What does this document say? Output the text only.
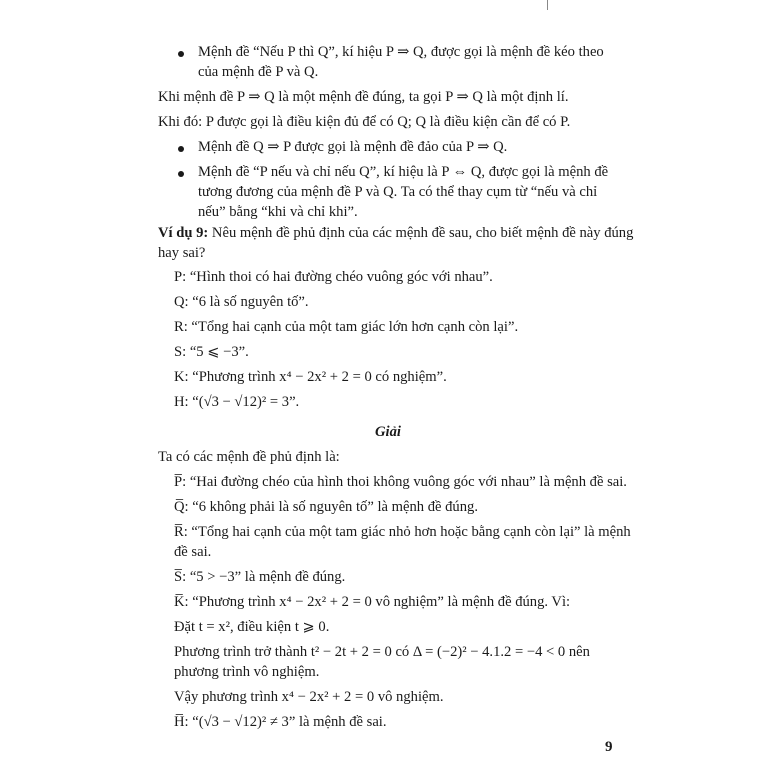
Mệnh đề “Nếu P thì Q”, kí hiệu P ⇒ Q, được gọi là mệnh đề kéo theo
của mệnh đề P và Q.
Khi mệnh đề P ⇒ Q là một mệnh đề đúng, ta gọi P ⇒ Q là một định lí.
Khi đó: P được gọi là điều kiện đủ để có Q; Q là điều kiện cần để có P.
Mệnh đề Q ⇒ P được gọi là mệnh đề đảo của P ⇒ Q.
Mệnh đề “P nếu và chỉ nếu Q”, kí hiệu là P ⇔ Q, được gọi là mệnh đề
tương đương của mệnh đề P và Q. Ta có thể thay cụm từ “nếu và chỉ
nếu” bằng “khi và chỉ khi”.
Ví dụ 9: Nêu mệnh đề phủ định của các mệnh đề sau, cho biết mệnh đề này đúng
hay sai?
P: “Hình thoi có hai đường chéo vuông góc với nhau”.
Q: “6 là số nguyên tố”.
R: “Tổng hai cạnh của một tam giác lớn hơn cạnh còn lại”.
S: “5 ⩽ −3”.
K: “Phương trình x⁴ − 2x² + 2 = 0 có nghiệm”.
H: “(√3 − √12)² = 3”.
Giải
Ta có các mệnh đề phủ định là:
P̅: “Hai đường chéo của hình thoi không vuông góc với nhau” là mệnh đề sai.
Q̅: “6 không phải là số nguyên tố” là mệnh đề đúng.
R̅: “Tổng hai cạnh của một tam giác nhỏ hơn hoặc bằng cạnh còn lại” là mệnh
đề sai.
S̅: “5 > −3” là mệnh đề đúng.
K̅: “Phương trình x⁴ − 2x² + 2 = 0 vô nghiệm” là mệnh đề đúng. Vì:
Đặt t = x², điều kiện t ⩾ 0.
Phương trình trở thành t² − 2t + 2 = 0 có Δ = (−2)² − 4.1.2 = −4 < 0 nên
phương trình vô nghiệm.
Vậy phương trình x⁴ − 2x² + 2 = 0 vô nghiệm.
H̅: “(√3 − √12)² ≠ 3” là mệnh đề sai.
9
